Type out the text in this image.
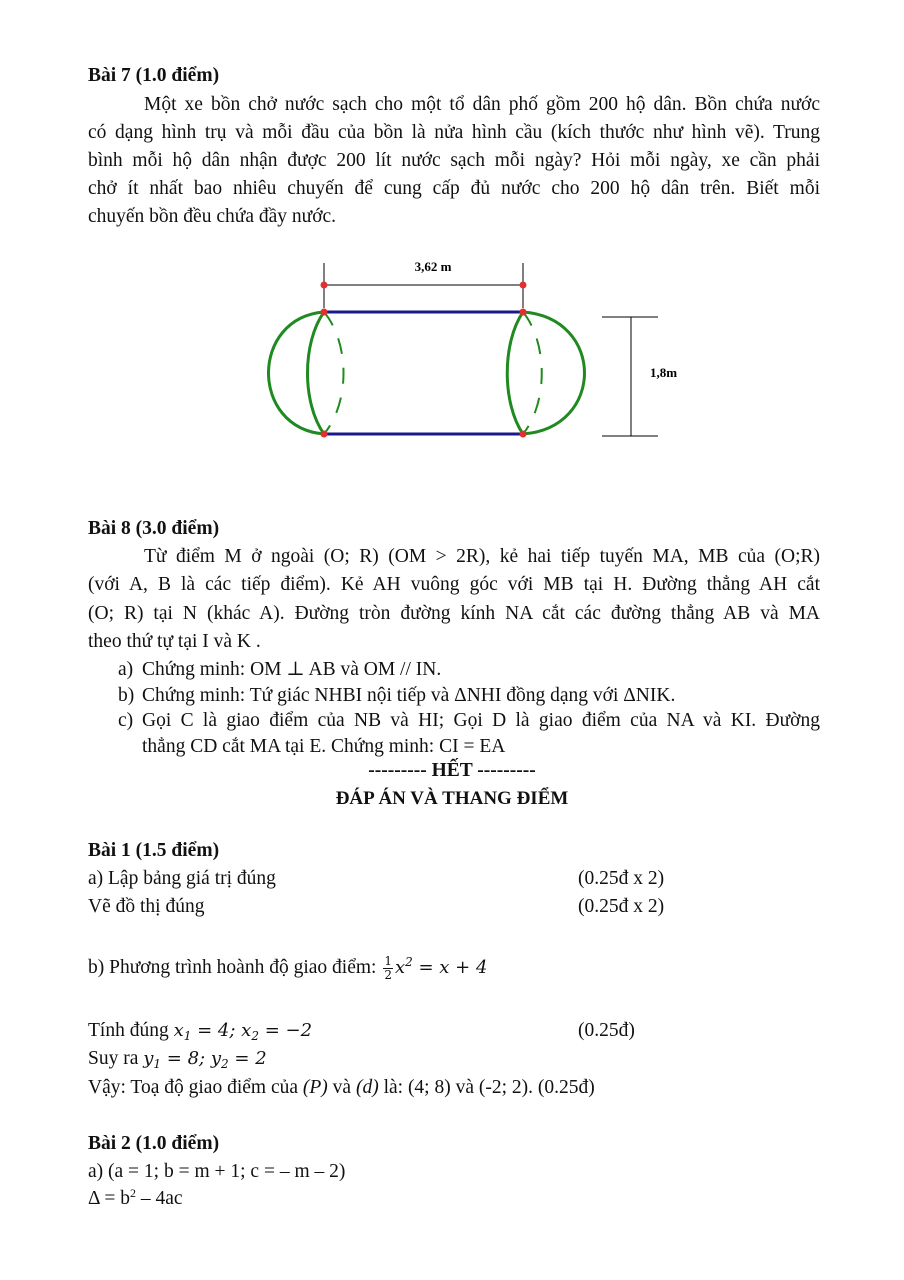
Bài 7 (1.0 điểm)
Một xe bồn chở nước sạch cho một tổ dân phố gồm 200 hộ dân. Bồn chứa nước
có dạng hình trụ và mỗi đầu của bồn là nửa hình cầu (kích thước như hình vẽ). Trung
bình mỗi hộ dân nhận được 200 lít nước sạch mỗi ngày? Hỏi mỗi ngày, xe cần phải
chở ít nhất bao nhiêu chuyến để cung cấp đủ nước cho 200 hộ dân trên. Biết mỗi
chuyến bồn đều chứa đầy nước.
3,62 m
1,8m
Bài 8 (3.0 điểm)
Từ điểm M ở ngoài (O; R) (OM > 2R), kẻ hai tiếp tuyến MA, MB của (O;R)
(với A, B là các tiếp điểm). Kẻ AH vuông góc với MB tại H. Đường thẳng AH cắt
(O; R) tại N (khác A). Đường tròn đường kính NA cắt các đường thẳng AB và MA
theo thứ tự tại I và K .
a) Chứng minh: OM ⊥ AB và OM // IN.
b) Chứng minh: Tứ giác NHBI nội tiếp và ΔNHI đồng dạng với ΔNIK.
c) Gọi C là giao điểm của NB và HI; Gọi D là giao điểm của NA và KI. Đường
thẳng CD cắt MA tại E. Chứng minh: CI = EA
--------- HẾT ---------
ĐÁP ÁN VÀ THANG ĐIỂM
Bài 1 (1.5 điểm)
a) Lập bảng giá trị đúng	(0.25đ x 2)
Vẽ đồ thị đúng	(0.25đ x 2)
b) Phương trình hoành độ giao điểm: $\frac{1}{2} x^2 = x + 4$
Tính đúng $x_1 = 4$; $x_2 = -2$	(0.25đ)
Suy ra $y_1 = 8$; $y_2 = 2$
Vậy: Toạ độ giao điểm của (P) và (d) là: (4; 8) và (-2; 2). (0.25đ)
Bài 2 (1.0 điểm)
a) (a = 1; b = m + 1; c = – m – 2)
$\Delta = b^2 - 4ac$
